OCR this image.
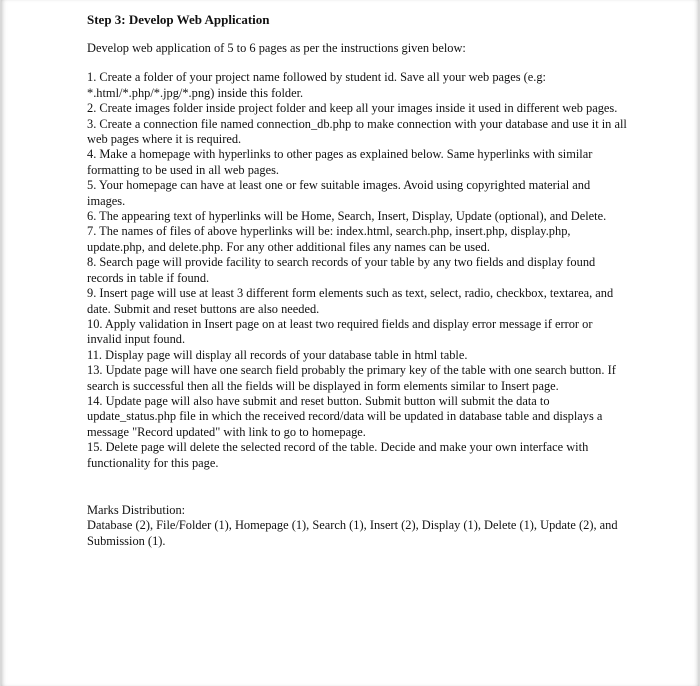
Step 3: Develop Web Application
Develop web application of 5 to 6 pages as per the instructions given below:
1. Create a folder of your project name followed by student id. Save all your web pages (e.g: *.html/*.php/*.jpg/*.png) inside this folder.
2. Create images folder inside project folder and keep all your images inside it used in different web pages.
3. Create a connection file named connection_db.php to make connection with your database and use it in all web pages where it is required.
4. Make a homepage with hyperlinks to other pages as explained below. Same hyperlinks with similar formatting to be used in all web pages.
5. Your homepage can have at least one or few suitable images. Avoid using copyrighted material and images.
6. The appearing text of hyperlinks will be Home, Search, Insert, Display, Update (optional), and Delete.
7. The names of files of above hyperlinks will be: index.html, search.php, insert.php, display.php, update.php, and delete.php. For any other additional files any names can be used.
8. Search page will provide facility to search records of your table by any two fields and display found records in table if found.
9. Insert page will use at least 3 different form elements such as text, select, radio, checkbox, textarea, and date. Submit and reset buttons are also needed.
10. Apply validation in Insert page on at least two required fields and display error message if error or invalid input found.
11. Display page will display all records of your database table in html table.
13. Update page will have one search field probably the primary key of the table with one search button. If search is successful then all the fields will be displayed in form elements similar to Insert page.
14. Update page will also have submit and reset button. Submit button will submit the data to update_status.php file in which the received record/data will be updated in database table and displays a message "Record updated" with link to go to homepage.
15. Delete page will delete the selected record of the table. Decide and make your own interface with functionality for this page.
Marks Distribution:
Database (2), File/Folder (1), Homepage (1), Search (1), Insert (2), Display (1), Delete (1), Update (2), and Submission (1).
